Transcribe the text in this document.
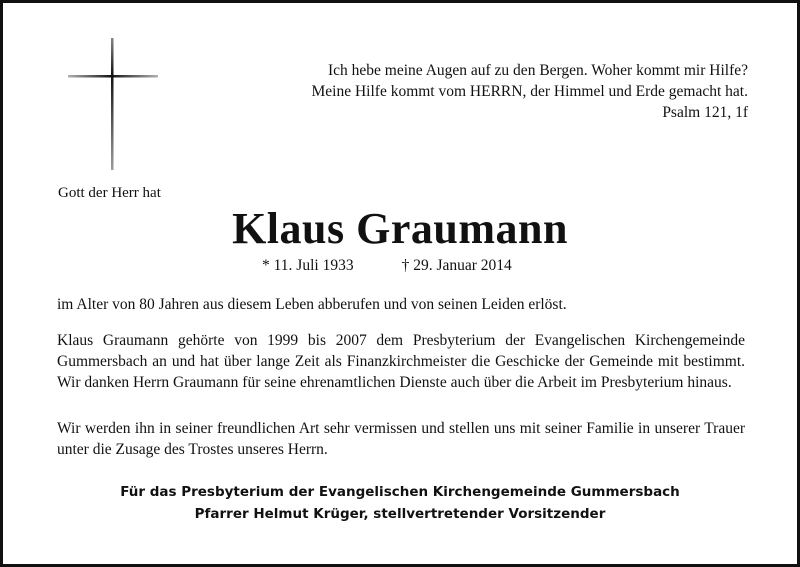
Ich hebe meine Augen auf zu den Bergen. Woher kommt mir Hilfe?
Meine Hilfe kommt vom HERRN, der Himmel und Erde gemacht hat.
Psalm 121, 1f
Gott der Herr hat
Klaus Graumann
* 11. Juli 1933	† 29. Januar 2014
im Alter von 80 Jahren aus diesem Leben abberufen und von seinen Leiden erlöst.
Klaus Graumann gehörte von 1999 bis 2007 dem Presbyterium der Evangelischen Kirchengemeinde Gummersbach an und hat über lange Zeit als Finanzkirchmeister die Geschicke der Gemeinde mit bestimmt. Wir danken Herrn Graumann für seine ehrenamtlichen Dienste auch über die Arbeit im Presbyterium hinaus.
Wir werden ihn in seiner freundlichen Art sehr vermissen und stellen uns mit seiner Familie in unserer Trauer unter die Zusage des Trostes unseres Herrn.
Für das Presbyterium der Evangelischen Kirchengemeinde Gummersbach
Pfarrer Helmut Krüger, stellvertretender Vorsitzender
